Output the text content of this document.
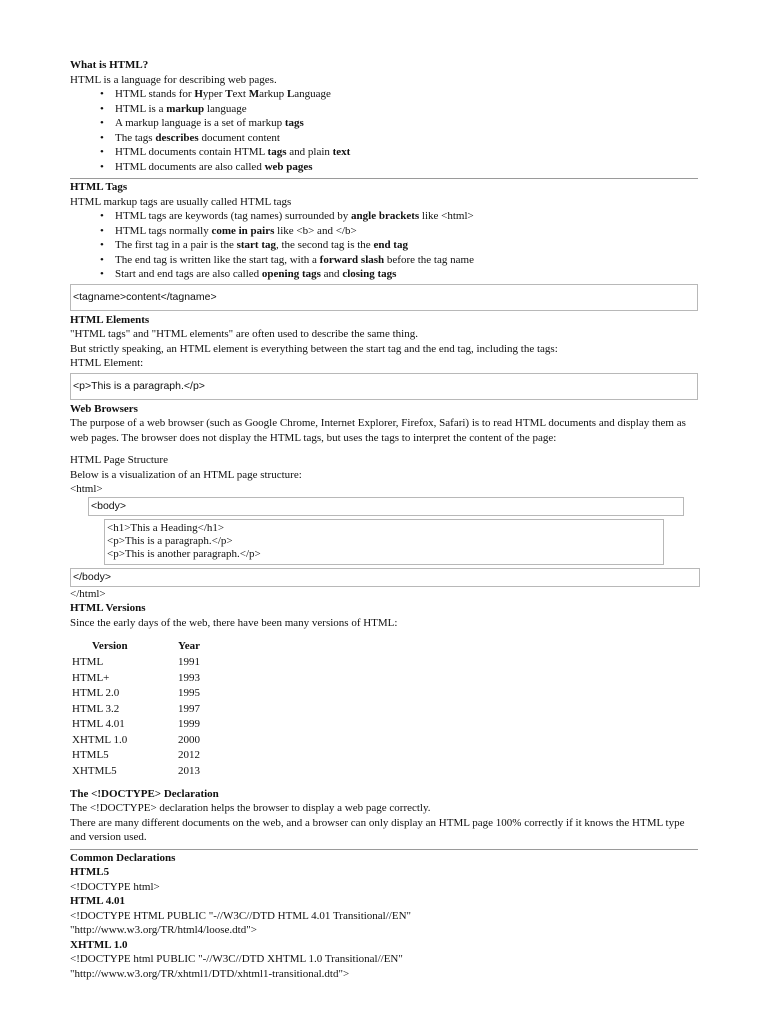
What is HTML?
HTML is a language for describing web pages.
• HTML stands for Hyper Text Markup Language
• HTML is a markup language
• A markup language is a set of markup tags
• The tags describes document content
• HTML documents contain HTML tags and plain text
• HTML documents are also called web pages
HTML Tags
HTML markup tags are usually called HTML tags
• HTML tags are keywords (tag names) surrounded by angle brackets like <html>
• HTML tags normally come in pairs like <b> and </b>
• The first tag in a pair is the start tag, the second tag is the end tag
• The end tag is written like the start tag, with a forward slash before the tag name
• Start and end tags are also called opening tags and closing tags
<tagname>content</tagname>
HTML Elements
"HTML tags" and "HTML elements" are often used to describe the same thing.
But strictly speaking, an HTML element is everything between the start tag and the end tag, including the tags:
HTML Element:
<p>This is a paragraph.</p>
Web Browsers
The purpose of a web browser (such as Google Chrome, Internet Explorer, Firefox, Safari) is to read HTML documents and display them as web pages. The browser does not display the HTML tags, but uses the tags to interpret the content of the page:
HTML Page Structure
Below is a visualization of an HTML page structure:
<html>
<body>
<h1>This a Heading</h1>
<p>This is a paragraph.</p>
<p>This is another paragraph.</p>
</body>
</html>
HTML Versions
Since the early days of the web, there have been many versions of HTML:
Version	Year
HTML	1991
HTML+	1993
HTML 2.0	1995
HTML 3.2	1997
HTML 4.01	1999
XHTML 1.0	2000
HTML5	2012
XHTML5	2013
The <!DOCTYPE> Declaration
The <!DOCTYPE> declaration helps the browser to display a web page correctly.
There are many different documents on the web, and a browser can only display an HTML page 100% correctly if it knows the HTML type and version used.
Common Declarations
HTML5
<!DOCTYPE html>
HTML 4.01
<!DOCTYPE HTML PUBLIC "-//W3C//DTD HTML 4.01 Transitional//EN"
"http://www.w3.org/TR/html4/loose.dtd">
XHTML 1.0
<!DOCTYPE html PUBLIC "-//W3C//DTD XHTML 1.0 Transitional//EN"
"http://www.w3.org/TR/xhtml1/DTD/xhtml1-transitional.dtd">
